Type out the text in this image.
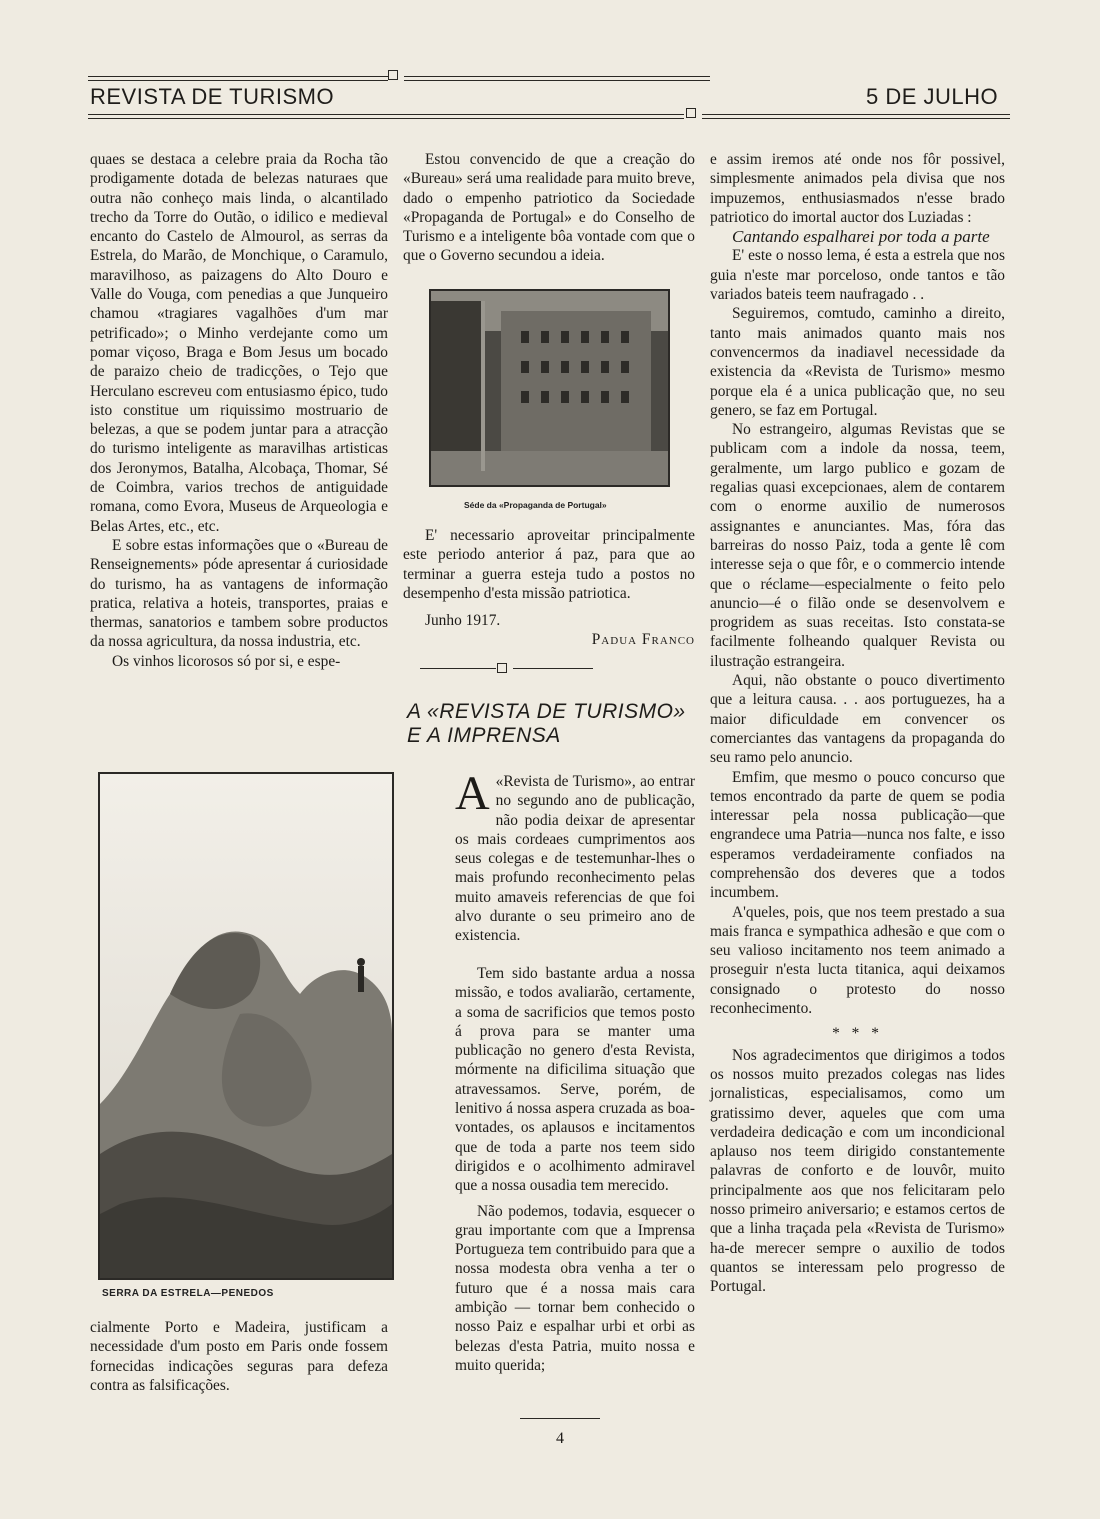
REVISTA DE TURISMO	5 DE JULHO

quaes se destaca a celebre praia da Rocha tão prodigamente dotada de belezas naturaes que outra não conheço mais linda, o alcantilado trecho da Torre do Outão, o idilico e medieval encanto do Castelo de Almourol, as serras da Estrela, do Marão, de Monchique, o Caramulo, maravilhoso, as paizagens do Alto Douro e Valle do Vouga, com penedias a que Junqueiro chamou «tragiares vagalhões d'um mar petrificado»; o Minho verdejante como um pomar viçoso, Braga e Bom Jesus um bocado de paraizo cheio de tradicções, o Tejo que Herculano escreveu com entusiasmo épico, tudo isto constitue um riquissimo mostruario de belezas, a que se podem juntar para a atracção do turismo inteligente as maravilhas artisticas dos Jeronymos, Batalha, Alcobaça, Thomar, Sé de Coimbra, varios trechos de antiguidade romana, como Evora, Museus de Arqueologia e Belas Artes, etc., etc.

E sobre estas informações que o «Bureau de Renseignements» póde apresentar á curiosidade do turismo, ha as vantagens de informação pratica, relativa a hoteis, transportes, praias e thermas, sanatorios e tambem sobre productos da nossa agricultura, da nossa industria, etc.

Os vinhos licorosos só por si, e espe-

SERRA DA ESTRELA—PENEDOS

cialmente Porto e Madeira, justificam a necessidade d'um posto em Paris onde fossem fornecidas indicações seguras para defeza contra as falsificações.

Estou convencido de que a creação do «Bureau» será uma realidade para muito breve, dado o empenho patriotico da Sociedade «Propaganda de Portugal» e do Conselho de Turismo e a inteligente bôa vontade com que o que o Governo secundou a ideia.

Séde da «Propaganda de Portugal»

E' necessario aproveitar principalmente este periodo anterior á paz, para que ao terminar a guerra esteja tudo a postos no desempenho d'esta missão patriotica.

Junho 1917.

Padua Franco

A «REVISTA DE TURISMO»
E A IMPRENSA

A «Revista de Turismo», ao entrar no segundo ano de publicação, não podia deixar de apresentar os mais cordeaes cumprimentos aos seus colegas e de testemunhar-lhes o mais profundo reconhecimento pelas muito amaveis referencias de que foi alvo durante o seu primeiro ano de existencia.

Tem sido bastante ardua a nossa missão, e todos avaliarão, certamente, a soma de sacrificios que temos posto á prova para se manter uma publicação no genero d'esta Revista, mórmente na dificilima situação que atravessamos. Serve, porém, de lenitivo á nossa aspera cruzada as boa-vontades, os aplausos e incitamentos que de toda a parte nos teem sido dirigidos e o acolhimento admiravel que a nossa ousadia tem merecido.

Não podemos, todavia, esquecer o grau importante com que a Imprensa Portugueza tem contribuido para que a nossa modesta obra venha a ter o futuro que é a nossa mais cara ambição — tornar bem conhecido o nosso Paiz e espalhar urbi et orbi as belezas d'esta Patria, muito nossa e muito querida;

e assim iremos até onde nos fôr possivel, simplesmente animados pela divisa que nos impuzemos, enthusiasmados n'esse brado patriotico do imortal auctor dos Luziadas :

Cantando espalharei por toda a parte

E' este o nosso lema, é esta a estrela que nos guia n'este mar porceloso, onde tantos e tão variados bateis teem naufragado . .

Seguiremos, comtudo, caminho a direito, tanto mais animados quanto mais nos convencermos da inadiavel necessidade da existencia da «Revista de Turismo» mesmo porque ela é a unica publicação que, no seu genero, se faz em Portugal.

No estrangeiro, algumas Revistas que se publicam com a indole da nossa, teem, geralmente, um largo publico e gozam de regalias quasi excepcionaes, alem de contarem com o enorme auxilio de numerosos assignantes e anunciantes. Mas, fóra das barreiras do nosso Paiz, toda a gente lê com interesse seja o que fôr, e o commercio intende que o réclame—especialmente o feito pelo anuncio—é o filão onde se desenvolvem e progridem as suas receitas. Isto constata-se facilmente folheando qualquer Revista ou ilustração estrangeira.

Aqui, não obstante o pouco divertimento que a leitura causa. . . aos portuguezes, ha a maior dificuldade em convencer os comerciantes das vantagens da propaganda do seu ramo pelo anuncio.

Emfim, que mesmo o pouco concurso que temos encontrado da parte de quem se podia interessar pela nossa publicação—que engrandece uma Patria—nunca nos falte, e isso esperamos verdadeiramente confiados na comprehensão dos deveres que a todos incumbem.

A'queles, pois, que nos teem prestado a sua mais franca e sympathica adhesão e que com o seu valioso incitamento nos teem animado a proseguir n'esta lucta titanica, aqui deixamos consignado o protesto do nosso reconhecimento.

* * *

Nos agradecimentos que dirigimos a todos os nossos muito prezados colegas nas lides jornalisticas, especialisamos, como um gratissimo dever, aqueles que com uma verdadeira dedicação e com um incondicional aplauso nos teem dirigido constantemente palavras de conforto e de louvôr, muito principalmente aos que nos felicitaram pelo nosso primeiro aniversario; e estamos certos de que a linha traçada pela «Revista de Turismo» ha-de merecer sempre o auxilio de todos quantos se interessam pelo progresso de Portugal.

4
